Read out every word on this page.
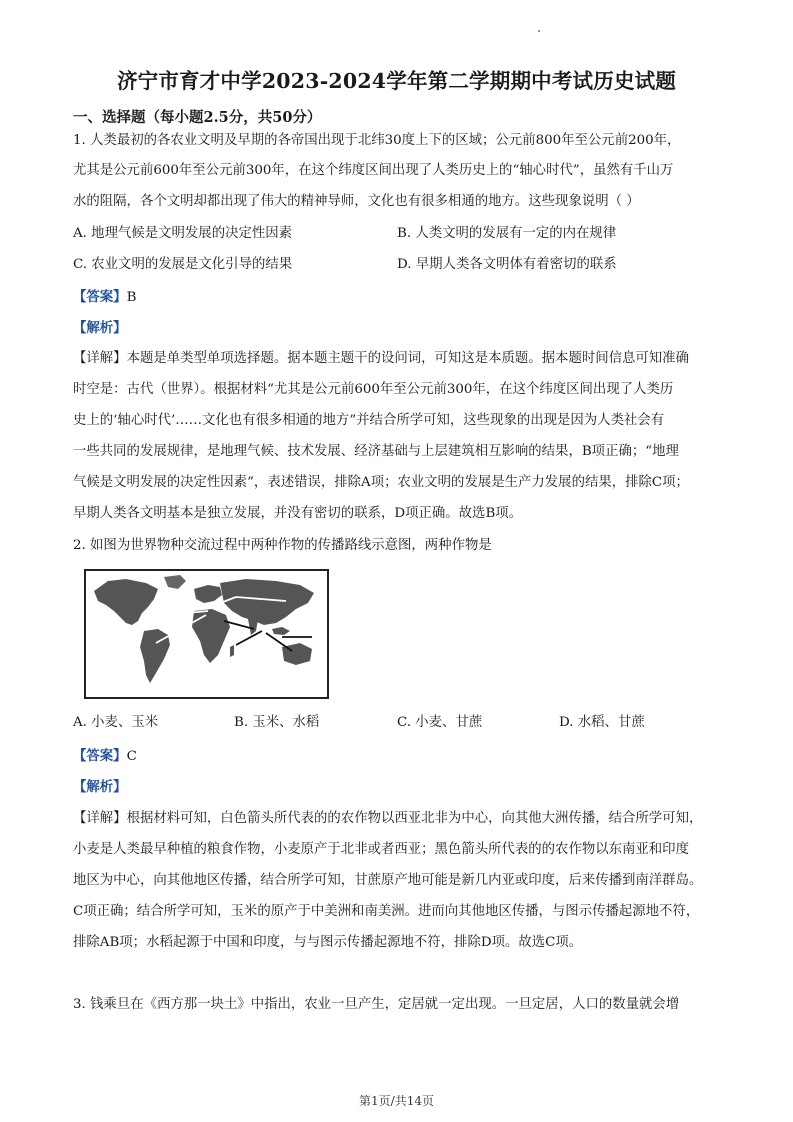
济宁市育才中学2023-2024学年第二学期期中考试历史试题
一、选择题（每小题2.5分，共50分）
1. 人类最初的各农业文明及早期的各帝国出现于北纬30度上下的区域；公元前800年至公元前200年，
尤其是公元前600年至公元前300年，在这个纬度区间出现了人类历史上的“轴心时代”，虽然有千山万
水的阻隔，各个文明却都出现了伟大的精神导师，文化也有很多相通的地方。这些现象说明（ ）
A. 地理气候是文明发展的决定性因素	B. 人类文明的发展有一定的内在规律
C. 农业文明的发展是文化引导的结果	D. 早期人类各文明体有着密切的联系
【答案】B
【解析】
【详解】本题是单类型单项选择题。据本题主题干的设问词，可知这是本质题。据本题时间信息可知准确
时空是：古代（世界）。根据材料“尤其是公元前600年至公元前300年，在这个纬度区间出现了人类历
史上的‘轴心时代’……文化也有很多相通的地方”并结合所学可知，这些现象的出现是因为人类社会有
一些共同的发展规律，是地理气候、技术发展、经济基础与上层建筑相互影响的结果，B项正确；“地理
气候是文明发展的决定性因素”，表述错误，排除A项；农业文明的发展是生产力发展的结果，排除C项；
早期人类各文明基本是独立发展，并没有密切的联系，D项正确。故选B项。
2. 如图为世界物种交流过程中两种作物的传播路线示意图，两种作物是
A. 小麦、玉米	B. 玉米、水稻	C. 小麦、甘蔗	D. 水稻、甘蔗
【答案】C
【解析】
【详解】根据材料可知，白色箭头所代表的的农作物以西亚北非为中心，向其他大洲传播，结合所学可知，
小麦是人类最早种植的粮食作物，小麦原产于北非或者西亚；黑色箭头所代表的的农作物以东南亚和印度
地区为中心，向其他地区传播，结合所学可知，甘蔗原产地可能是新几内亚或印度，后来传播到南洋群岛。
C项正确；结合所学可知，玉米的原产于中美洲和南美洲。进而向其他地区传播，与图示传播起源地不符，
排除AB项；水稻起源于中国和印度，与与图示传播起源地不符，排除D项。故选C项。
3. 钱乘旦在《西方那一块土》中指出，农业一旦产生，定居就一定出现。一旦定居，人口的数量就会增
第1页/共14页
